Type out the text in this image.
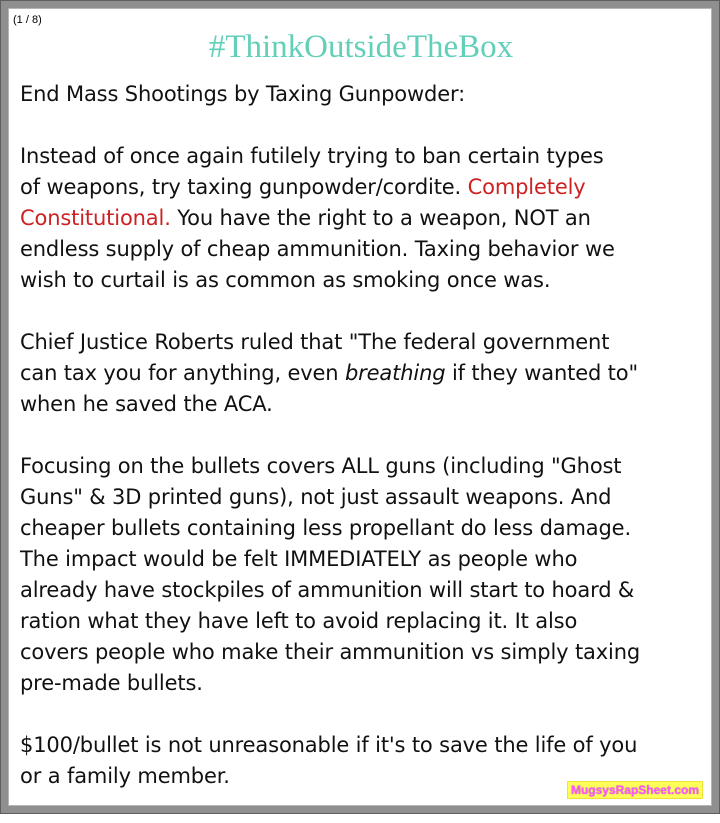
(1 / 8)
#ThinkOutsideTheBox

End Mass Shootings by Taxing Gunpowder:

Instead of once again futilely trying to ban certain types
of weapons, try taxing gunpowder/cordite. Completely
Constitutional. You have the right to a weapon, NOT an
endless supply of cheap ammunition. Taxing behavior we
wish to curtail is as common as smoking once was.

Chief Justice Roberts ruled that "The federal government
can tax you for anything, even breathing if they wanted to"
when he saved the ACA.

Focusing on the bullets covers ALL guns (including "Ghost
Guns" & 3D printed guns), not just assault weapons. And
cheaper bullets containing less propellant do less damage.
The impact would be felt IMMEDIATELY as people who
already have stockpiles of ammunition will start to hoard &
ration what they have left to avoid replacing it. It also
covers people who make their ammunition vs simply taxing
pre-made bullets.

$100/bullet is not unreasonable if it's to save the life of you
or a family member.

MugsysRapSheet.com
